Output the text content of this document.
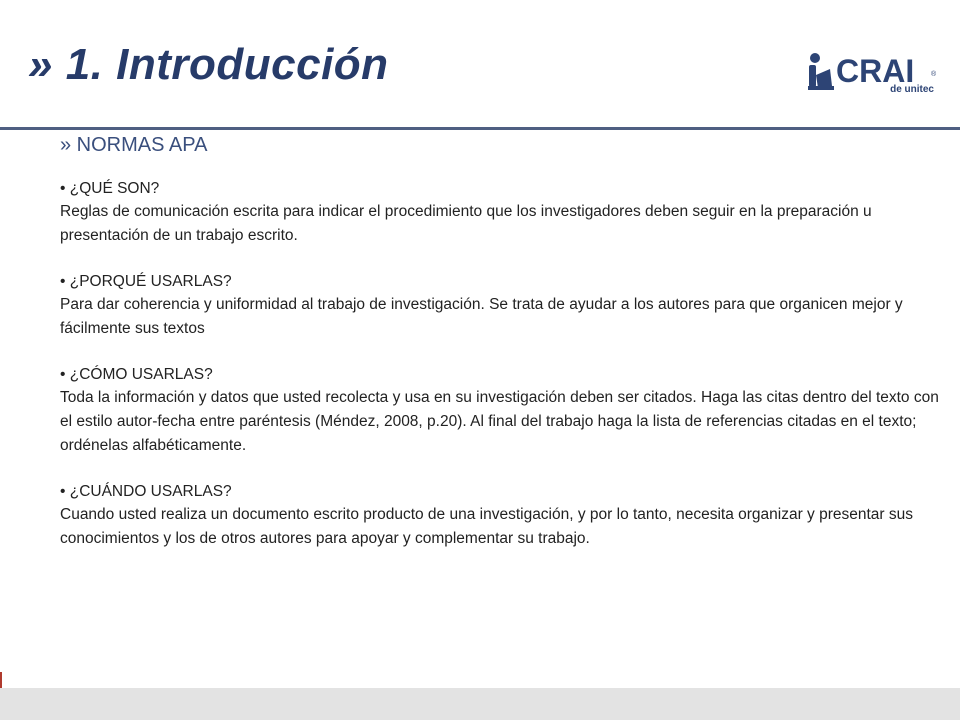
» 1. Introducción	CRAI ®
de unitec
» NORMAS APA

• ¿QUÉ SON?

Reglas de comunicación escrita para indicar el procedimiento que los investigadores deben seguir en la preparación u presentación de un trabajo escrito.

• ¿PORQUÉ USARLAS?

Para dar coherencia y uniformidad al trabajo de investigación. Se trata de ayudar a los autores para que organicen mejor y fácilmente sus textos

• ¿CÓMO USARLAS?

Toda la información y datos que usted recolecta y usa en su investigación deben ser citados. Haga las citas dentro del texto con el estilo autor-fecha entre paréntesis (Méndez, 2008, p.20). Al final del trabajo haga la lista de referencias citadas en el texto; ordénelas alfabéticamente.

• ¿CUÁNDO USARLAS?

Cuando usted realiza un documento escrito producto de una investigación, y por lo tanto, necesita organizar y presentar sus conocimientos y los de otros autores para apoyar y complementar su trabajo.
